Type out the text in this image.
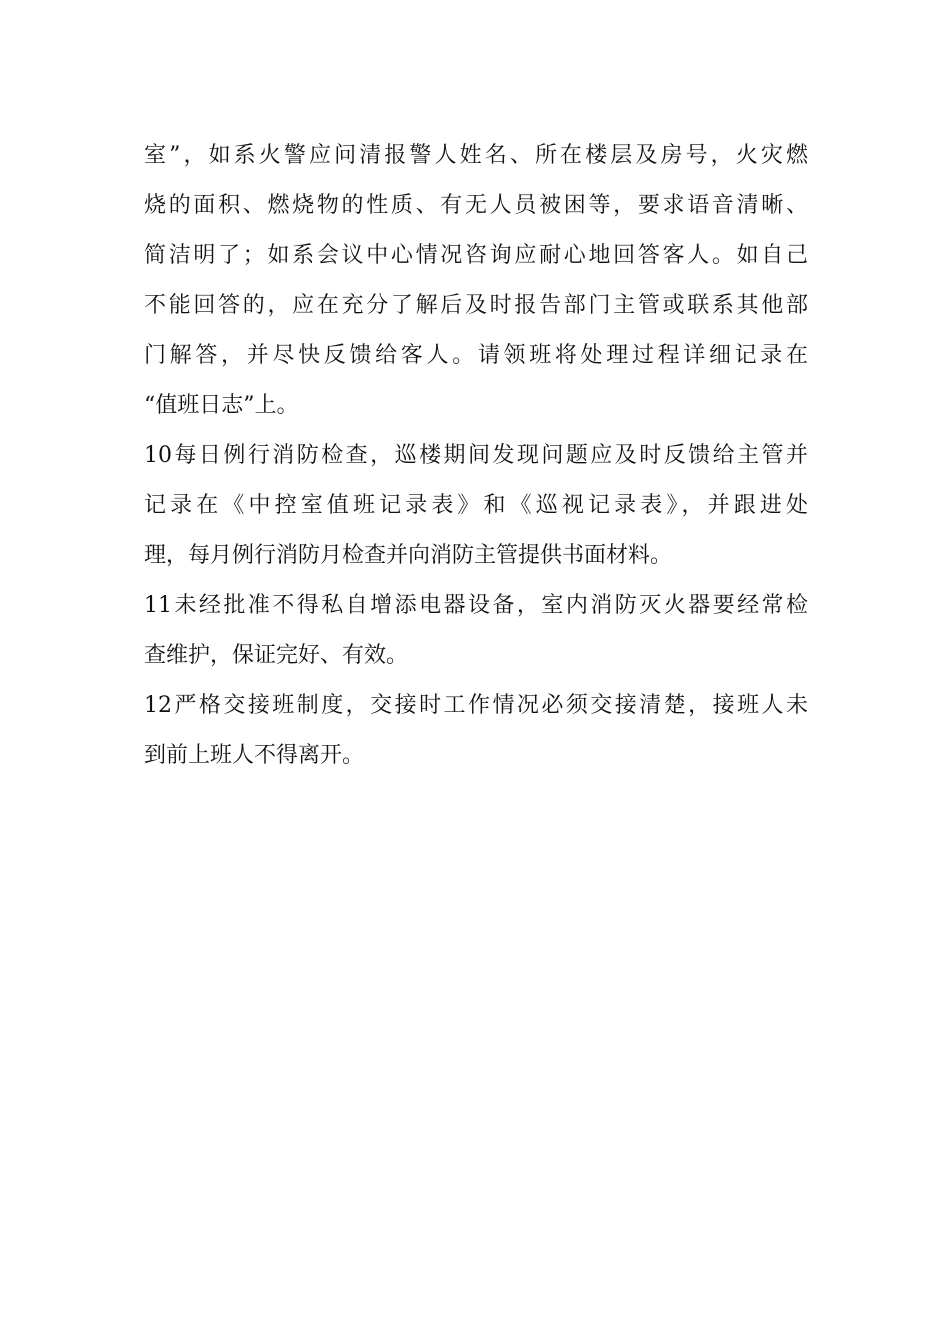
室”，如系火警应问清报警人姓名、所在楼层及房号，火灾燃
烧的面积、燃烧物的性质、有无人员被困等，要求语音清晰、
简洁明了；如系会议中心情况咨询应耐心地回答客人。如自己
不能回答的，应在充分了解后及时报告部门主管或联系其他部
门解答，并尽快反馈给客人。请领班将处理过程详细记录在
“值班日志”上。
10每日例行消防检查，巡楼期间发现问题应及时反馈给主管并
记录在《中控室值班记录表》和《巡视记录表》，并跟进处
理，每月例行消防月检查并向消防主管提供书面材料。
11未经批准不得私自增添电器设备，室内消防灭火器要经常检
查维护，保证完好、有效。
12严格交接班制度，交接时工作情况必须交接清楚，接班人未
到前上班人不得离开。
